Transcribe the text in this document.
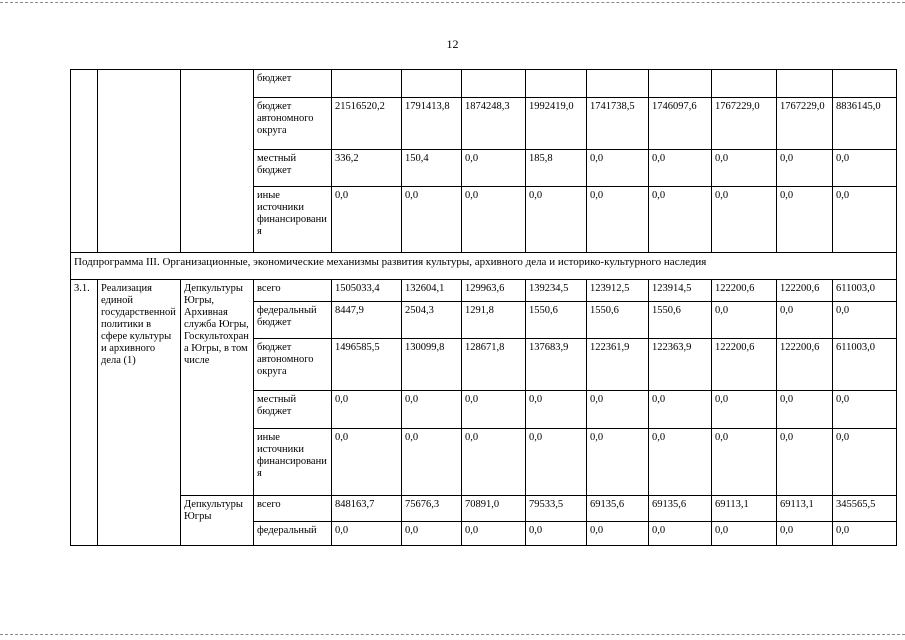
12
			бюджет									
			бюджет автономного округа	21516520,2	1791413,8	1874248,3	1992419,0	1741738,5	1746097,6	1767229,0	1767229,0	8836145,0
			местный бюджет	336,2	150,4	0,0	185,8	0,0	0,0	0,0	0,0	0,0
			иные источники финансирования	0,0	0,0	0,0	0,0	0,0	0,0	0,0	0,0	0,0
Подпрограмма III. Организационные, экономические механизмы развития культуры, архивного дела и историко-культурного наследия												
3.1.	Реализация единой государственной политики в сфере культуры и архивного дела (1)	Депкультуры Югры, Архивная служба Югры, Госкультохрана Югры, в том числе	всего	1505033,4	132604,1	129963,6	139234,5	123912,5	123914,5	122200,6	122200,6	611003,0
			федеральный бюджет	8447,9	2504,3	1291,8	1550,6	1550,6	1550,6	0,0	0,0	0,0
			бюджет автономного округа	1496585,5	130099,8	128671,8	137683,9	122361,9	122363,9	122200,6	122200,6	611003,0
			местный бюджет	0,0	0,0	0,0	0,0	0,0	0,0	0,0	0,0	0,0
			иные источники финансирования	0,0	0,0	0,0	0,0	0,0	0,0	0,0	0,0	0,0
		Депкультуры Югры	всего	848163,7	75676,3	70891,0	79533,5	69135,6	69135,6	69113,1	69113,1	345565,5
			федеральный	0,0	0,0	0,0	0,0	0,0	0,0	0,0	0,0	0,0
